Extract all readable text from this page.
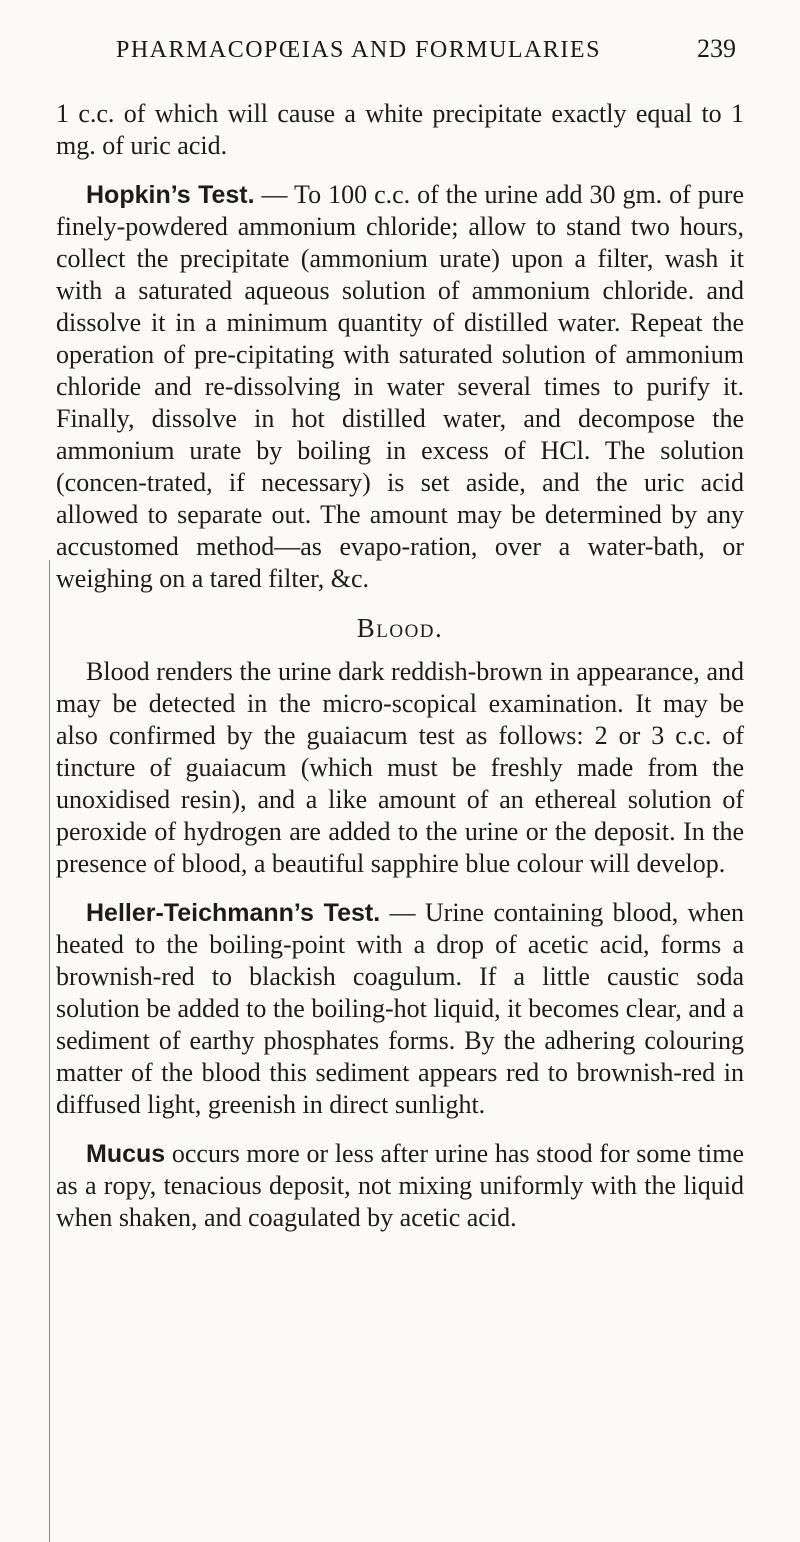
PHARMACOPŒIAS AND FORMULARIES	239

1 c.c. of which will cause a white precipitate exactly equal to 1 mg. of uric acid.

Hopkin’s Test. — To 100 c.c. of the urine add 30 gm. of pure finely-powdered ammonium chloride; allow to stand two hours, collect the precipitate (ammonium urate) upon a filter, wash it with a saturated aqueous solution of ammonium chloride. and dissolve it in a minimum quantity of distilled water. Repeat the operation of pre-cipitating with saturated solution of ammonium chloride and re-dissolving in water several times to purify it. Finally, dissolve in hot distilled water, and decompose the ammonium urate by boiling in excess of HCl. The solution (concen-trated, if necessary) is set aside, and the uric acid allowed to separate out. The amount may be determined by any accustomed method—as evapo-ration, over a water-bath, or weighing on a tared filter, &c.

Blood.

Blood renders the urine dark reddish-brown in appearance, and may be detected in the micro-scopical examination. It may be also confirmed by the guaiacum test as follows: 2 or 3 c.c. of tincture of guaiacum (which must be freshly made from the unoxidised resin), and a like amount of an ethereal solution of peroxide of hydrogen are added to the urine or the deposit. In the presence of blood, a beautiful sapphire blue colour will develop.

Heller-Teichmann’s Test. — Urine containing blood, when heated to the boiling-point with a drop of acetic acid, forms a brownish-red to blackish coagulum. If a little caustic soda solution be added to the boiling-hot liquid, it becomes clear, and a sediment of earthy phosphates forms. By the adhering colouring matter of the blood this sediment appears red to brownish-red in diffused light, greenish in direct sunlight.

Mucus occurs more or less after urine has stood for some time as a ropy, tenacious deposit, not mixing uniformly with the liquid when shaken, and coagulated by acetic acid.
